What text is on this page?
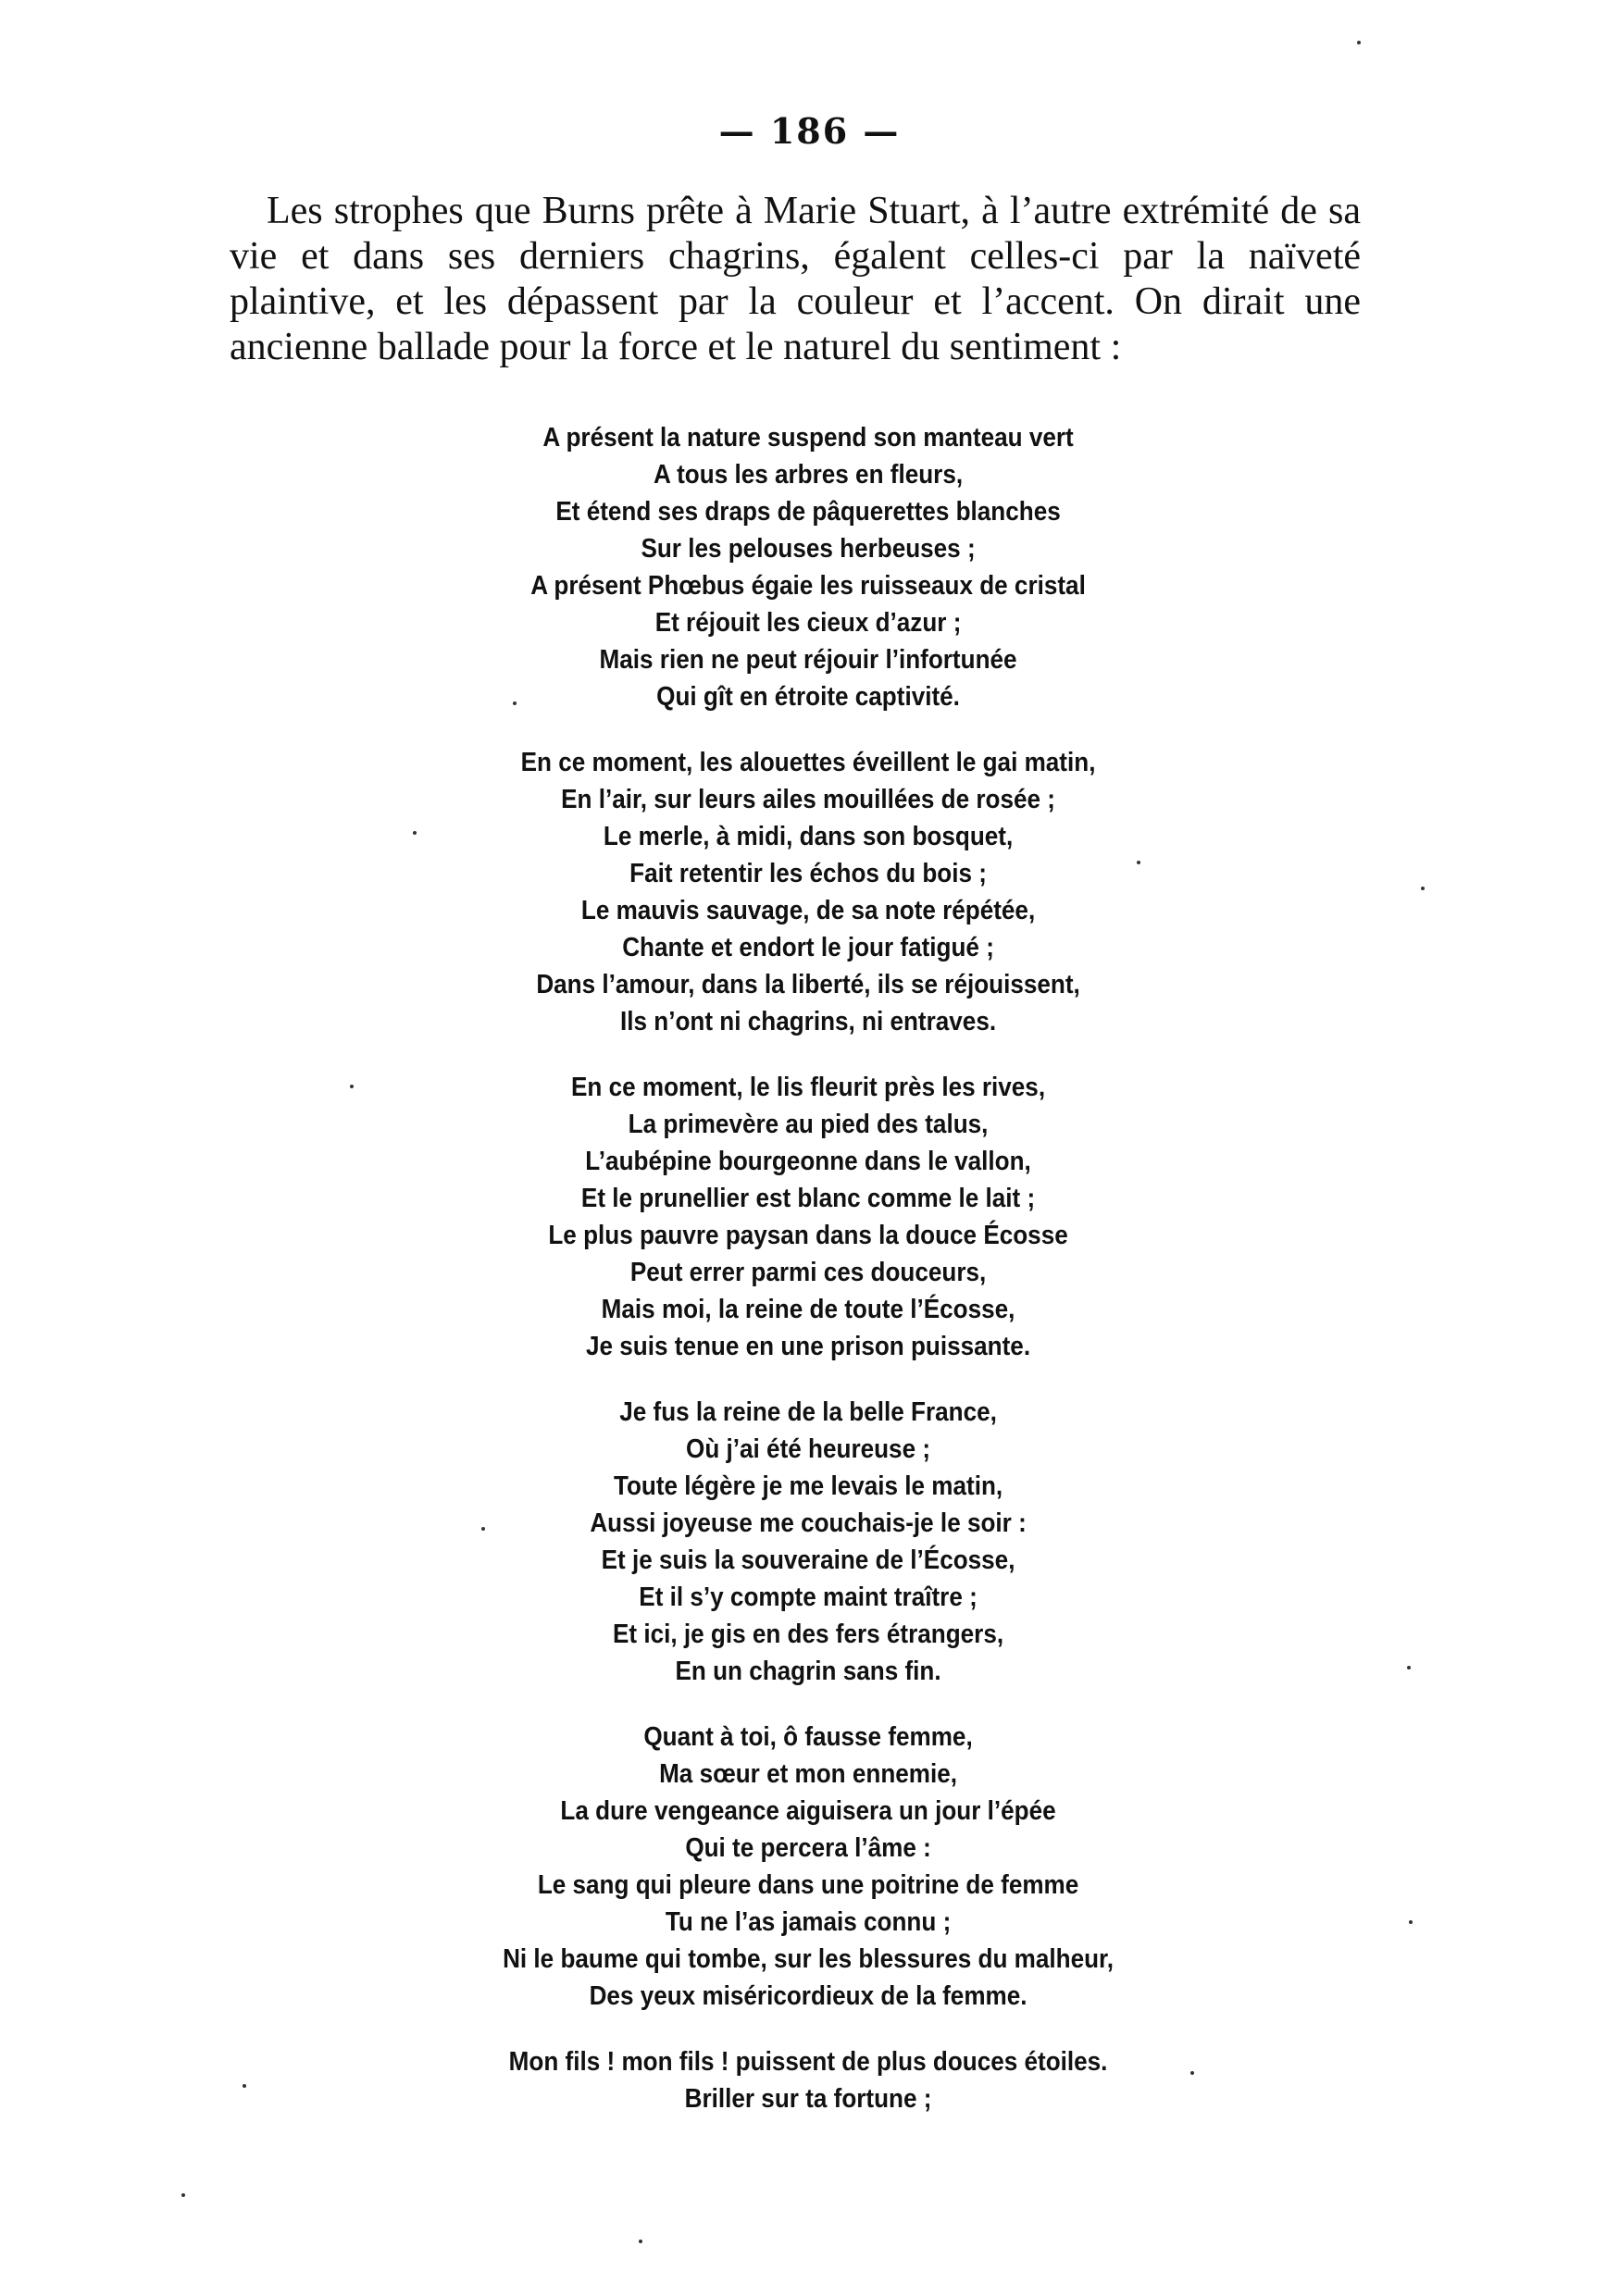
— 186 —

Les strophes que Burns prête à Marie Stuart, à l’autre extrémité de sa vie et dans ses derniers chagrins, égalent celles-ci par la naïveté plaintive, et les dépassent par la couleur et l’accent. On dirait une ancienne ballade pour la force et le naturel du sentiment :

A présent la nature suspend son manteau vert
A tous les arbres en fleurs,
Et étend ses draps de pâquerettes blanches
Sur les pelouses herbeuses ;
A présent Phœbus égaie les ruisseaux de cristal
Et réjouit les cieux d’azur ;
Mais rien ne peut réjouir l’infortunée
Qui gît en étroite captivité.
En ce moment, les alouettes éveillent le gai matin,
En l’air, sur leurs ailes mouillées de rosée ;
Le merle, à midi, dans son bosquet,
Fait retentir les échos du bois ;
Le mauvis sauvage, de sa note répétée,
Chante et endort le jour fatigué ;
Dans l’amour, dans la liberté, ils se réjouissent,
Ils n’ont ni chagrins, ni entraves.
En ce moment, le lis fleurit près les rives,
La primevère au pied des talus,
L’aubépine bourgeonne dans le vallon,
Et le prunellier est blanc comme le lait ;
Le plus pauvre paysan dans la douce Écosse
Peut errer parmi ces douceurs,
Mais moi, la reine de toute l’Écosse,
Je suis tenue en une prison puissante.
Je fus la reine de la belle France,
Où j’ai été heureuse ;
Toute légère je me levais le matin,
Aussi joyeuse me couchais-je le soir :
Et je suis la souveraine de l’Écosse,
Et il s’y compte maint traître ;
Et ici, je gis en des fers étrangers,
En un chagrin sans fin.
Quant à toi, ô fausse femme,
Ma sœur et mon ennemie,
La dure vengeance aiguisera un jour l’épée
Qui te percera l’âme :
Le sang qui pleure dans une poitrine de femme
Tu ne l’as jamais connu ;
Ni le baume qui tombe, sur les blessures du malheur,
Des yeux miséricordieux de la femme.
Mon fils ! mon fils ! puissent de plus douces étoiles.
Briller sur ta fortune ;
